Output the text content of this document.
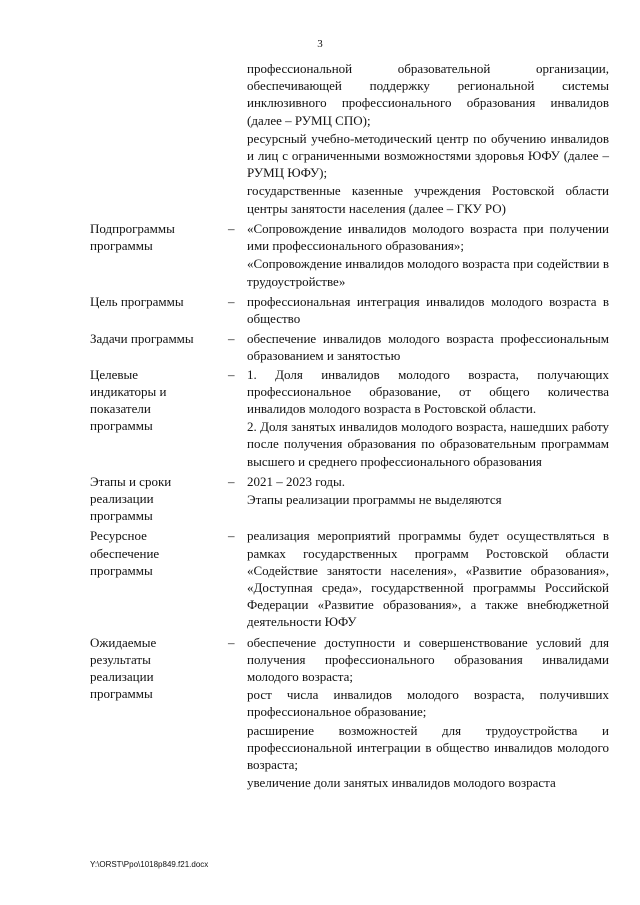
3

профессиональной образовательной организации, обеспечивающей поддержку региональной системы инклюзивного профессионального образования инвалидов (далее – РУМЦ СПО);

ресурсный учебно-методический центр по обучению инвалидов и лиц с ограниченными возможностями здоровья ЮФУ (далее – РУМЦ ЮФУ);

государственные казенные учреждения Ростовской области центры занятости населения (далее – ГКУ РО)

Подпрограммы программы
– «Сопровождение инвалидов молодого возраста при получении ими профессионального образования»;

«Сопровождение инвалидов молодого возраста при содействии в трудоустройстве»

Цель программы	– профессиональная интеграция инвалидов молодого возраста в общество

Задачи программы	– обеспечение инвалидов молодого возраста профессиональным образованием и занятостью

Целевые индикаторы и показатели программы
– 1. Доля инвалидов молодого возраста, получающих профессиональное образование, от общего количества инвалидов молодого возраста в Ростовской области.

2. Доля занятых инвалидов молодого возраста, нашедших работу после получения образования по образовательным программам высшего и среднего профессионального образования

Этапы и сроки реализации программы
– 2021 – 2023 годы.

Этапы реализации программы не выделяются

Ресурсное обеспечение программы
– реализация мероприятий программы будет осуществляться в рамках государственных программ Ростовской области «Содействие занятости населения», «Развитие образования», «Доступная среда», государственной программы Российской Федерации «Развитие образования», а также внебюджетной деятельности ЮФУ

Ожидаемые результаты реализации программы
– обеспечение доступности и совершенствование условий для получения профессионального образования инвалидами молодого возраста;

рост числа инвалидов молодого возраста, получивших профессиональное образование;

расширение возможностей для трудоустройства и профессиональной интеграции в общество инвалидов молодого возраста;

увеличение доли занятых инвалидов молодого возраста

Y:\ORST\Ppo\1018p849.f21.docx
